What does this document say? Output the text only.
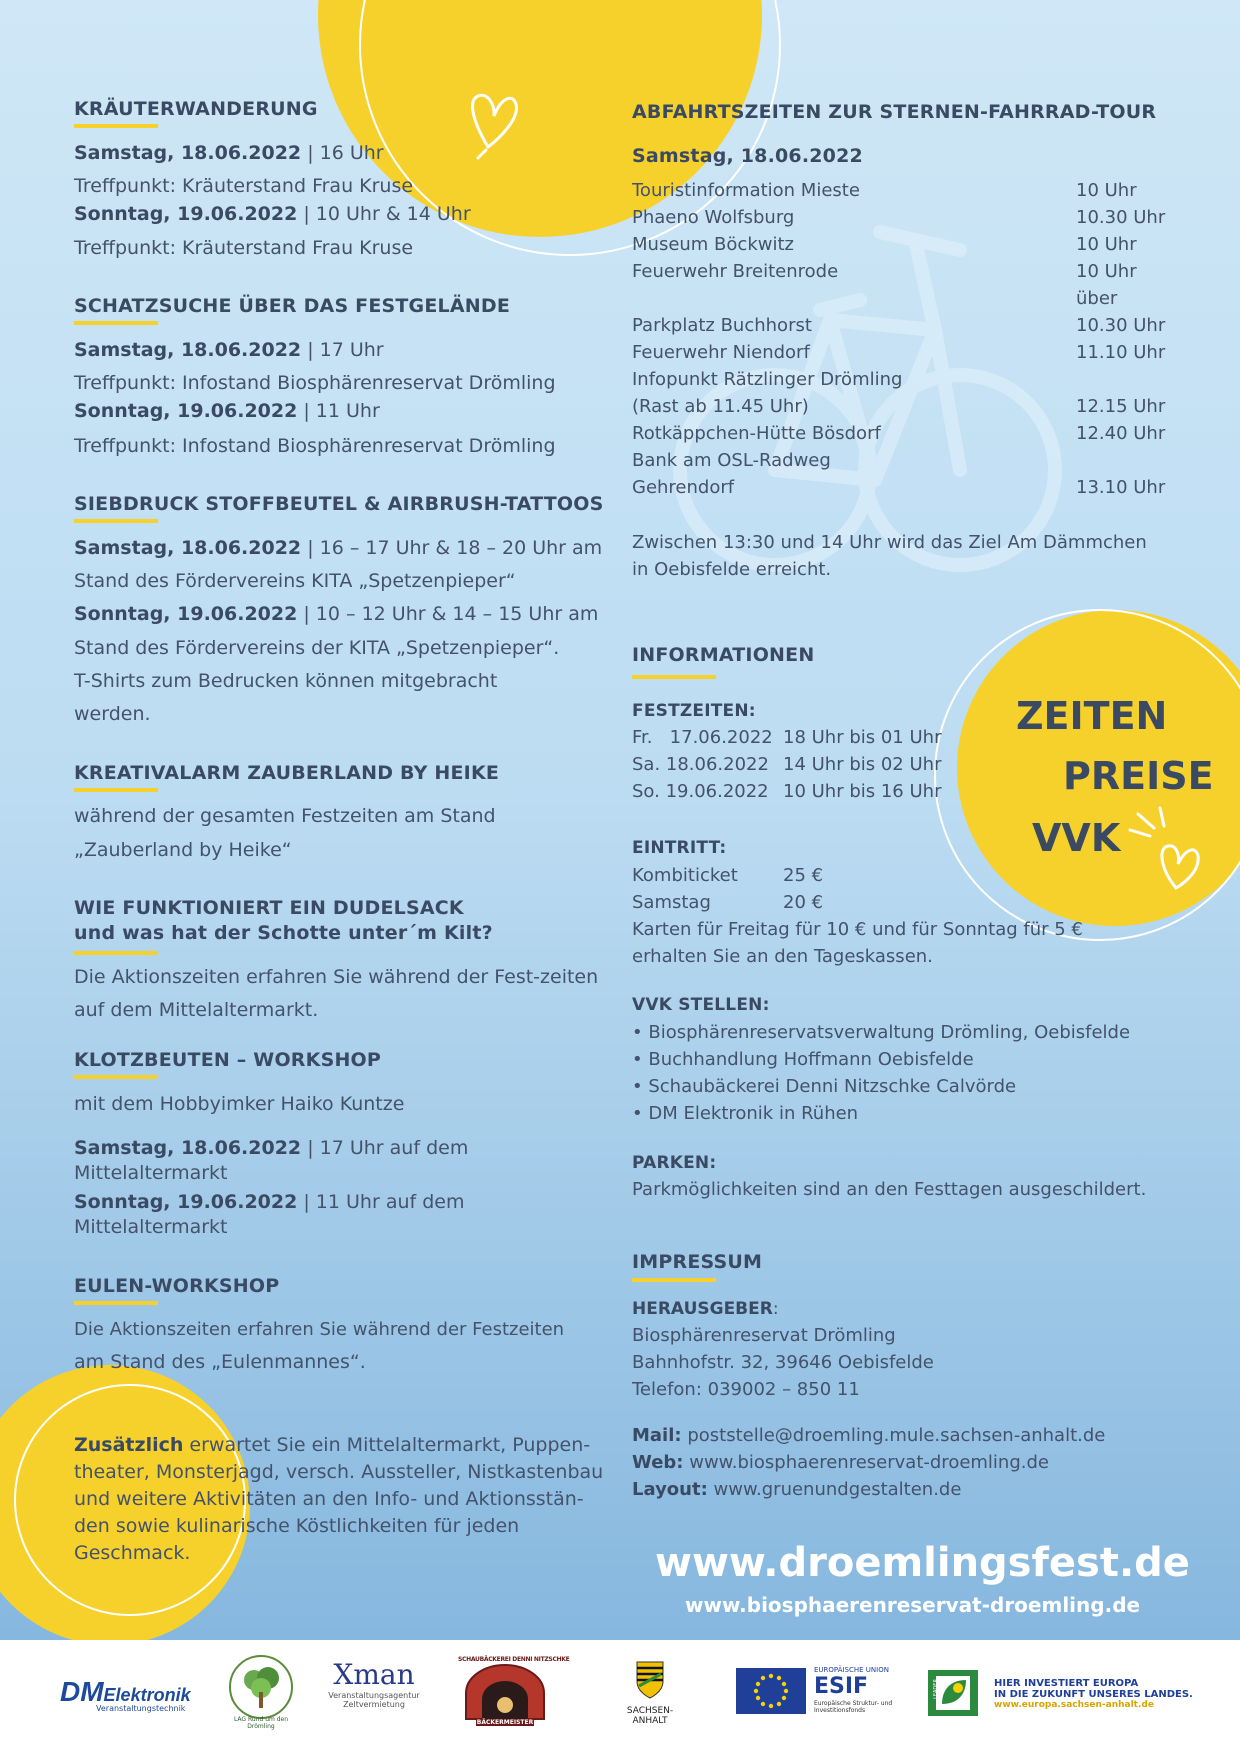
KRÄUTERWANDERUNG
Samstag, 18.06.2022 | 16 Uhr
Treffpunkt: Kräuterstand Frau Kruse
Sonntag, 19.06.2022 | 10 Uhr & 14 Uhr
Treffpunkt: Kräuterstand Frau Kruse
SCHATZSUCHE ÜBER DAS FESTGELÄNDE
Samstag, 18.06.2022 | 17 Uhr
Treffpunkt: Infostand Biosphärenreservat Drömling
Sonntag, 19.06.2022 | 11 Uhr
Treffpunkt: Infostand Biosphärenreservat Drömling
SIEBDRUCK STOFFBEUTEL & AIRBRUSH-TATTOOS
Samstag, 18.06.2022 | 16 – 17 Uhr & 18 – 20 Uhr am
Stand des Fördervereins KITA „Spetzenpieper“
Sonntag, 19.06.2022 | 10 – 12 Uhr & 14 – 15 Uhr am
Stand des Fördervereins der KITA „Spetzenpieper“.
T-Shirts zum Bedrucken können mitgebracht
werden.
KREATIVALARM ZAUBERLAND BY HEIKE
während der gesamten Festzeiten am Stand
„Zauberland by Heike“
WIE FUNKTIONIERT EIN DUDELSACK
und was hat der Schotte unter´m Kilt?
Die Aktionszeiten erfahren Sie während der Fest-zeiten
auf dem Mittelaltermarkt.
KLOTZBEUTEN – WORKSHOP
mit dem Hobbyimker Haiko Kuntze
Samstag, 18.06.2022 | 17 Uhr auf dem
Mittelaltermarkt
Sonntag, 19.06.2022 | 11 Uhr auf dem
Mittelaltermarkt
EULEN-WORKSHOP
Die Aktionszeiten erfahren Sie während der Festzeiten
am Stand des „Eulenmannes“.
Zusätzlich erwartet Sie ein Mittelaltermarkt, Puppen-
theater, Monsterjagd, versch. Aussteller, Nistkastenbau
und weitere Aktivitäten an den Info- und Aktionsstän-
den sowie kulinarische Köstlichkeiten für jeden
Geschmack.
ABFAHRTSZEITEN ZUR STERNEN-FAHRRAD-TOUR
Samstag, 18.06.2022
Touristinformation Mieste	10 Uhr
Phaeno Wolfsburg	10.30 Uhr
Museum Böckwitz	10 Uhr
Feuerwehr Breitenrode	10 Uhr
über
Parkplatz Buchhorst	10.30 Uhr
Feuerwehr Niendorf	11.10 Uhr
Infopunkt Rätzlinger Drömling
(Rast ab 11.45 Uhr)	12.15 Uhr
Rotkäppchen-Hütte Bösdorf	12.40 Uhr
Bank am OSL-Radweg
Gehrendorf	13.10 Uhr
Zwischen 13:30 und 14 Uhr wird das Ziel Am Dämmchen
in Oebisfelde erreicht.
INFORMATIONEN
FESTZEITEN:
Fr.   17.06.2022 18 Uhr bis 01 Uhr
Sa. 18.06.2022 14 Uhr bis 02 Uhr
So. 19.06.2022 10 Uhr bis 16 Uhr
EINTRITT:
Kombiticket	25 €
Samstag	20 €
Karten für Freitag für 10 € und für Sonntag für 5 €
erhalten Sie an den Tageskassen.
VVK STELLEN:
• Biosphärenreservatsverwaltung Drömling, Oebisfelde
• Buchhandlung Hoffmann Oebisfelde
• Schaubäckerei Denni Nitzschke Calvörde
• DM Elektronik in Rühen
PARKEN:
Parkmöglichkeiten sind an den Festtagen ausgeschildert.
IMPRESSUM
HERAUSGEBER:
Biosphärenreservat Drömling
Bahnhofstr. 32, 39646 Oebisfelde
Telefon: 039002 – 850 11
Mail: poststelle@droemling.mule.sachsen-anhalt.de
Web: www.biosphaerenreservat-droemling.de
Layout: www.gruenundgestalten.de
www.droemlingsfest.de
www.biosphaerenreservat-droemling.de
ZEITEN
PREISE
VVK
DMElektronik
Veranstaltungstechnik
LAG Rund um den Drömling
Xman
Veranstaltungsagentur
Zeltvermietung
SCHAUBÄCKEREI DENNI NITZSCHKE
BÄCKERMEISTER
SACHSEN-ANHALT
EUROPÄISCHE UNION
ESIF
Europäische Struktur- und
Investitionsfonds
LEADER	HIER INVESTIERT EUROPA
IN DIE ZUKUNFT UNSERES LANDES.
www.europa.sachsen-anhalt.de
